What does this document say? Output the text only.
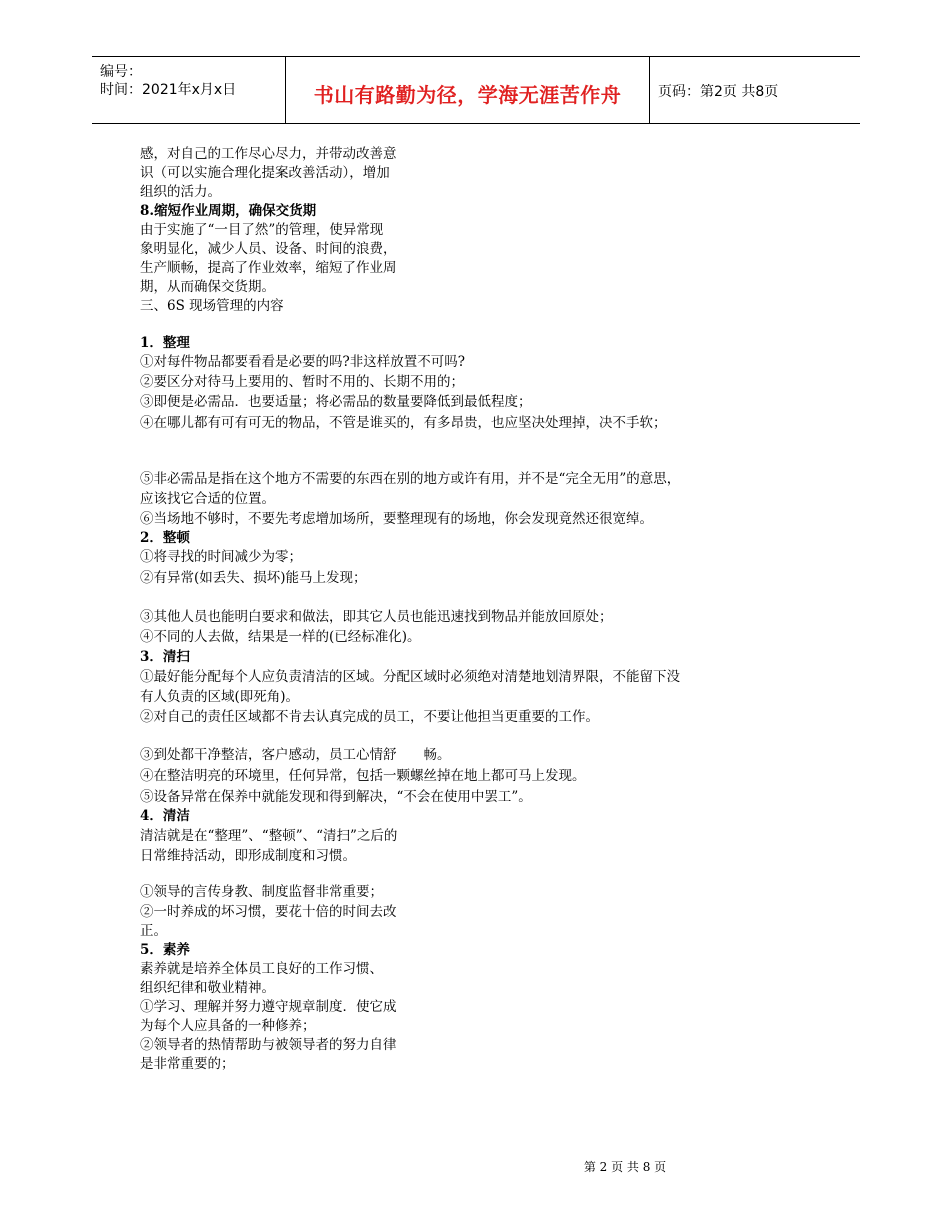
编号：
时间：2021年x月x日	书山有路勤为径，学海无涯苦作舟	页码：第2页 共8页
感，对自己的工作尽心尽力，并带动改善意
识（可以实施合理化提案改善活动），增加
组织的活力。
8.缩短作业周期，确保交货期
由于实施了“一目了然”的管理，使异常现
象明显化，减少人员、设备、时间的浪费，
生产顺畅，提高了作业效率，缩短了作业周
期，从而确保交货期。
三、6S 现场管理的内容
1．整理
①对每件物品都要看看是必要的吗?非这样放置不可吗?
②要区分对待马上要用的、暂时不用的、长期不用的；
③即便是必需品．也要适量；将必需品的数量要降低到最低程度；
④在哪儿都有可有可无的物品，不管是谁买的，有多昂贵，也应坚决处理掉，决不手软；
⑤非必需品是指在这个地方不需要的东西在别的地方或许有用，并不是“完全无用”的意思，
应该找它合适的位置。
⑥当场地不够时，不要先考虑增加场所，要整理现有的场地，你会发现竟然还很宽绰。
2．整顿
①将寻找的时间减少为零；
②有异常(如丢失、损坏)能马上发现；
③其他人员也能明白要求和做法，即其它人员也能迅速找到物品并能放回原处；
④不同的人去做，结果是一样的(已经标准化)。
3．清扫
①最好能分配每个人应负责清洁的区域。分配区域时必须绝对清楚地划清界限，不能留下没
有人负责的区域(即死角)。
②对自己的责任区域都不肯去认真完成的员工，不要让他担当更重要的工作。
③到处都干净整洁，客户感动，员工心情舒　　畅。
④在整洁明亮的环境里，任何异常，包括一颗螺丝掉在地上都可马上发现。
⑤设备异常在保养中就能发现和得到解决，“不会在使用中罢工”。
4．清洁
清洁就是在“整理”、“整顿”、“清扫”之后的
日常维持活动，即形成制度和习惯。
①领导的言传身教、制度监督非常重要；
②一时养成的坏习惯，要花十倍的时间去改
正。
5．素养
素养就是培养全体员工良好的工作习惯、
组织纪律和敬业精神。
①学习、理解并努力遵守规章制度．使它成
为每个人应具备的一种修养；
②领导者的热情帮助与被领导者的努力自律
是非常重要的；
第 2 页 共 8 页
